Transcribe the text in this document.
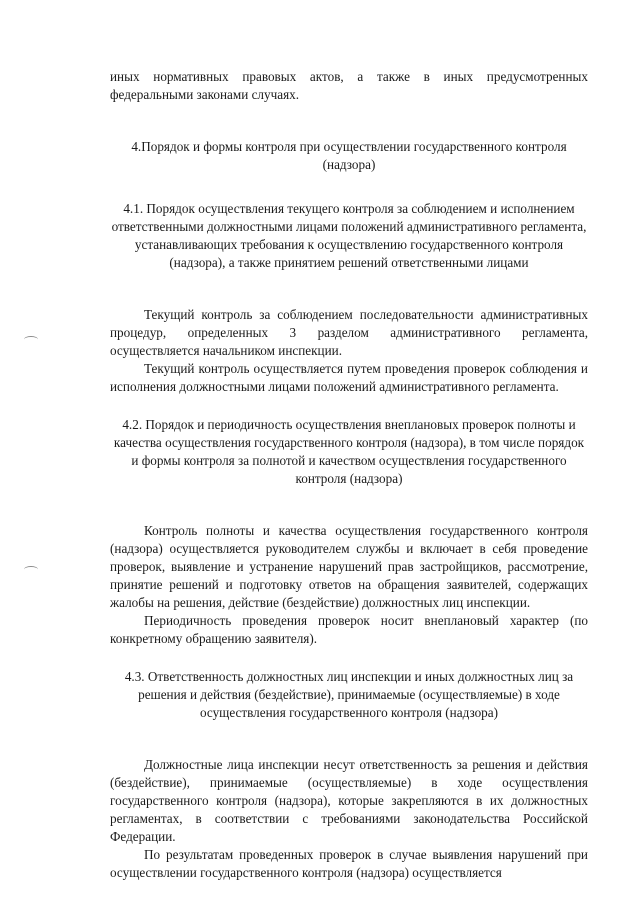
иных нормативных правовых актов, а также в иных предусмотренных федеральными законами случаях.

4.Порядок и формы контроля при осуществлении государственного контроля (надзора)

4.1. Порядок осуществления текущего контроля за соблюдением и исполнением ответственными должностными лицами положений административного регламента, устанавливающих требования к осуществлению государственного контроля (надзора), а также принятием решений ответственными лицами

Текущий контроль за соблюдением последовательности административных процедур, определенных 3 разделом административного регламента, осуществляется начальником инспекции.

Текущий контроль осуществляется путем проведения проверок соблюдения и исполнения должностными лицами положений административного регламента.

4.2. Порядок и периодичность осуществления внеплановых проверок полноты и качества осуществления государственного контроля (надзора), в том числе порядок и формы контроля за полнотой и качеством осуществления государственного контроля (надзора)

Контроль полноты и качества осуществления государственного контроля (надзора) осуществляется руководителем службы и включает в себя проведение проверок, выявление и устранение нарушений прав застройщиков, рассмотрение, принятие решений и подготовку ответов на обращения заявителей, содержащих жалобы на решения, действие (бездействие) должностных лиц инспекции.

Периодичность проведения проверок носит внеплановый характер (по конкретному обращению заявителя).

4.3. Ответственность должностных лиц инспекции и иных должностных лиц за решения и действия (бездействие), принимаемые (осуществляемые) в ходе осуществления государственного контроля (надзора)

Должностные лица инспекции несут ответственность за решения и действия (бездействие), принимаемые (осуществляемые) в ходе осуществления государственного контроля (надзора), которые закрепляются в их должностных регламентах, в соответствии с требованиями законодательства Российской Федерации.

По результатам проведенных проверок в случае выявления нарушений при осуществлении государственного контроля (надзора) осуществляется
